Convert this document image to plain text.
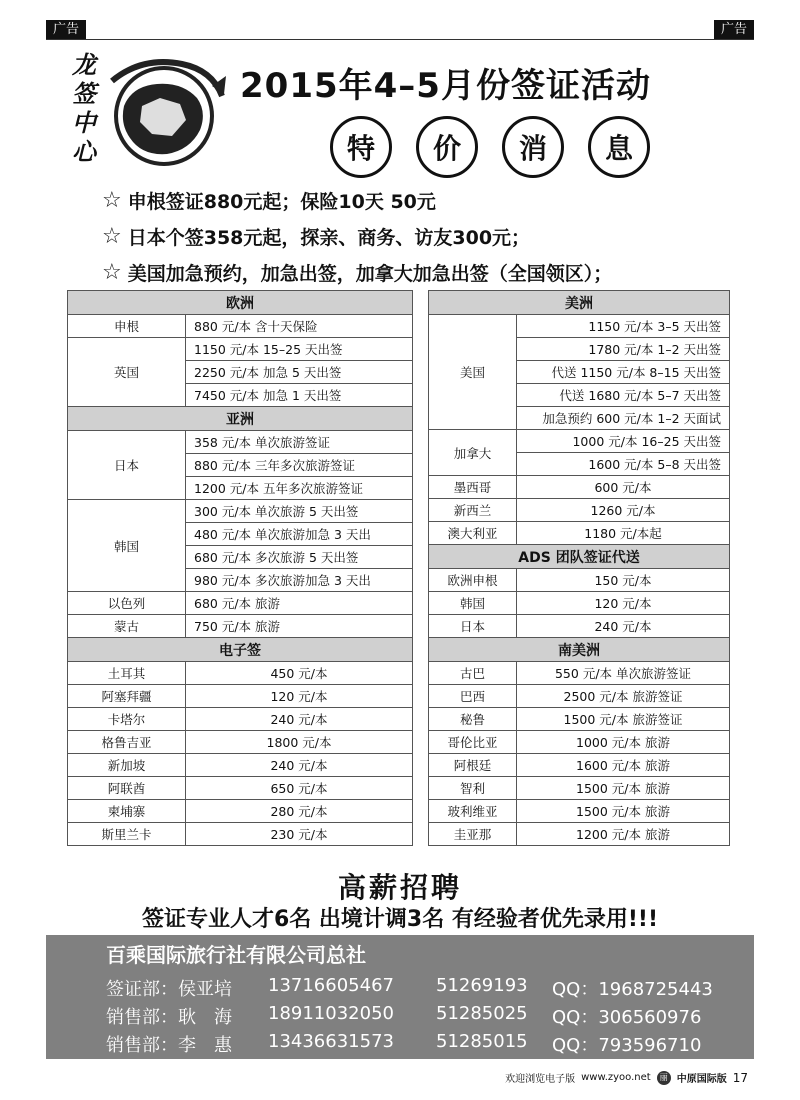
广告	广告
龙
签
中
心
2015年4–5月份签证活动
特	价	消	息
☆ 申根签证880元起；保险10天 50元
☆ 日本个签358元起，探亲、商务、访友300元；
☆ 美国加急预约，加急出签，加拿大加急出签（全国领区）；
欧洲	
申根	880 元/本 含十天保险
英国	1150 元/本 15–25 天出签
	2250 元/本 加急 5 天出签
	7450 元/本 加急 1 天出签
亚洲	
日本	358 元/本 单次旅游签证
	880 元/本 三年多次旅游签证
	1200 元/本 五年多次旅游签证
韩国	300 元/本 单次旅游 5 天出签
	480 元/本 单次旅游加急 3 天出
	680 元/本 多次旅游 5 天出签
	980 元/本 多次旅游加急 3 天出
以色列	680 元/本 旅游
蒙古	750 元/本 旅游
电子签	
土耳其	450 元/本
阿塞拜疆	120 元/本
卡塔尔	240 元/本
格鲁吉亚	1800 元/本
新加坡	240 元/本
阿联酋	650 元/本
柬埔寨	280 元/本
斯里兰卡	230 元/本
美洲	
美国	1150 元/本 3–5 天出签
	1780 元/本 1–2 天出签
	代送 1150 元/本 8–15 天出签
	代送 1680 元/本 5–7 天出签
	加急预约 600 元/本 1–2 天面试
加拿大	1000 元/本 16–25 天出签
	1600 元/本 5–8 天出签
墨西哥	600 元/本
新西兰	1260 元/本
澳大利亚	1180 元/本起
ADS 团队签证代送	
欧洲申根	150 元/本
韩国	120 元/本
日本	240 元/本
南美洲	
古巴	550 元/本 单次旅游签证
巴西	2500 元/本 旅游签证
秘鲁	1500 元/本 旅游签证
哥伦比亚	1000 元/本 旅游
阿根廷	1600 元/本 旅游
智利	1500 元/本 旅游
玻利维亚	1500 元/本 旅游
圭亚那	1200 元/本 旅游
高薪招聘
签证专业人才6名 出境计调3名 有经验者优先录用!!!
百乘国际旅行社有限公司总社
签证部：侯亚培 13716605467 51269193 QQ：1968725443
销售部：耿　海 18911032050 51285025 QQ：306560976
销售部：李　惠 13436631573 51285015 QQ：793596710
欢迎浏览电子版 www.zyoo.net	丽 中原国际版 17
